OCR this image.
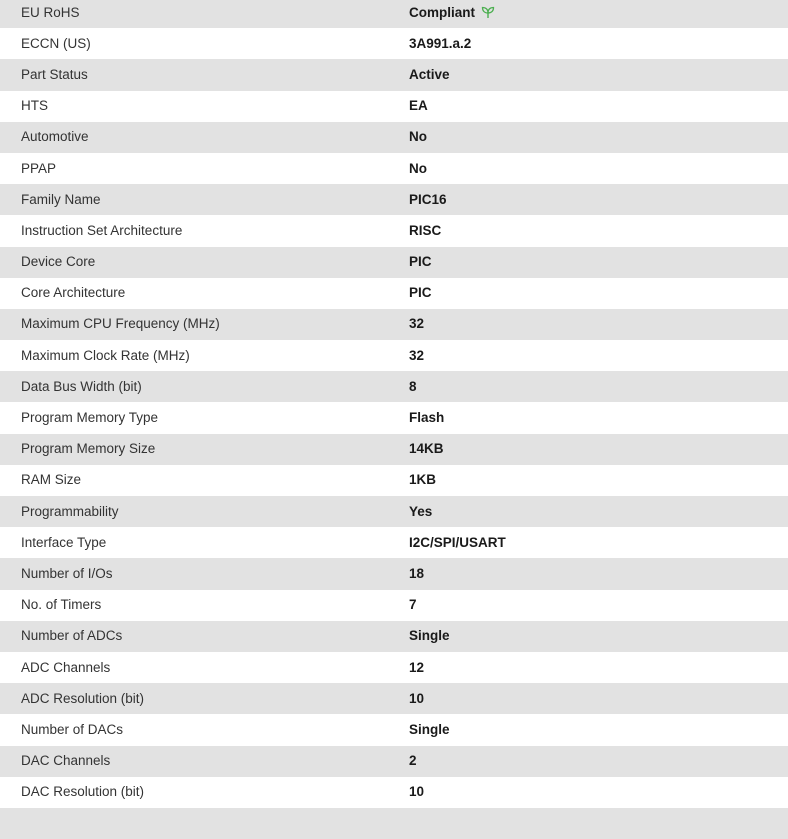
EU RoHS	Compliant
ECCN (US)	3A991.a.2
Part Status	Active
HTS	EA
Automotive	No
PPAP	No
Family Name	PIC16
Instruction Set Architecture	RISC
Device Core	PIC
Core Architecture	PIC
Maximum CPU Frequency (MHz)	32
Maximum Clock Rate (MHz)	32
Data Bus Width (bit)	8
Program Memory Type	Flash
Program Memory Size	14KB
RAM Size	1KB
Programmability	Yes
Interface Type	I2C/SPI/USART
Number of I/Os	18
No. of Timers	7
Number of ADCs	Single
ADC Channels	12
ADC Resolution (bit)	10
Number of DACs	Single
DAC Channels	2
DAC Resolution (bit)	10
